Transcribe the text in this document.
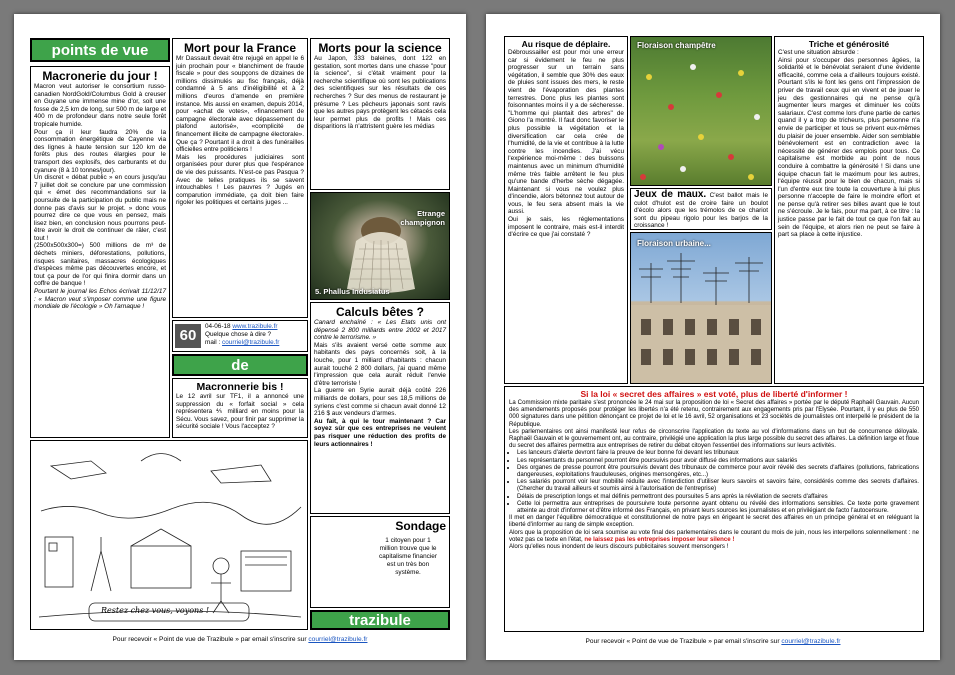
points de vue
Macronerie du jour !

Macron veut autoriser le consortium russo-canadien NordGold/Columbus Gold à creuser en Guyane une immense mine d'or, soit une fosse de 2,5 km de long, sur 500 m de large et 400 m de profondeur dans notre seule forêt tropicale humide.

Pour ça il leur faudra 20% de la consommation énergétique de Cayenne via des lignes à haute tension sur 120 km de forêts plus des routes élargies pour le transport des explosifs, des carburants et du cyanure (8 à 10 tonnes/jour).

Un discret « débat public » en cours jusqu'au 7 juillet doit se conclure par une commission qui « émet des recommandations sur la poursuite de la participation du public mais ne donne pas d'avis sur le projet. » donc vous pourrez dire ce que vous en pensez, mais lisez bien, en conclusion nous pourrons peut-être avoir le droit de continuer de râler, c'est tout !

(2500x500x300=) 500 millions de m³ de déchets miniers, déforestations, pollutions, risques sanitaires, massacres écologiques d'espèces même pas découvertes encore, et tout ça pour de l'or qui finira dormir dans un coffre de banque !

Pourtant le journal les Echos écrivait 11/12/17 : « Macron veut s'imposer comme une figure mondiale de l'écologie » Oh l'arnaque !

Mort pour la France

Mr Dassault devait être rejugé en appel le 6 juin prochain pour « blanchiment de fraude fiscale » pour des soupçons de dizaines de millions dissimulés au fisc français, déjà condamné à 5 ans d'inéligibilité et à 2 millions d'euros d'amende en première instance. Mis aussi en examen, depuis 2014, pour «achat de votes», «financement de campagne électorale avec dépassement du plafond autorisé», «complicité de financement illicite de campagne électorale». Que ça ? Pourtant il a droit à des funérailles officielles entre politiciens !

Mais les procédures judiciaires sont organisées pour durer plus que l'espérance de vie des puissants. N'est-ce pas Pasqua ? Avec de telles pratiques ils se savent intouchables ! Les pauvres ? Jugés en comparution immédiate, ça doit bien faire rigoler les politiques et certains juges ...

60
04-06-18 www.trazibule.fr
Quelque chose à dire ?
mail : courriel@trazibule.fr
de
Macronnerie bis !
Le 12 avril sur TF1, il a annoncé une suppression du « forfait social » cela représentera ⅘ milliard en moins pour la Sécu. Vous savez, pour finir par supprimer la sécurité sociale ! Vous l'acceptez ?
Morts pour la science
Au Japon, 333 baleines, dont 122 en gestation, sont mortes dans une chasse "pour la science", si c'était vraiment pour la recherche scientifique où sont les publications des scientifiques sur les résultats de ces recherches ? Sur des menus de restaurant je présume ? Les pêcheurs japonais sont ravis que les autres pays protègent les cétacés cela leur permet plus de profits ! Mais ces disparitions là n'attristent guère les médias
Etrange champignon
5. Phallus Indusiatus
Calculs bêtes ?

Canard enchaîné : « Les Etats unis ont dépensé 2 800 milliards entre 2002 et 2017 contre le terrorisme. »

Mais s'ils avaient versé cette somme aux habitants des pays concernés soit, à la louche, pour 1 milliard d'habitants : chacun aurait touché 2 800 dollars, j'ai quand même l'impression que cela aurait réduit l'envie d'être terroriste !

La guerre en Syrie aurait déjà coûté 226 milliards de dollars, pour ses 18,5 millions de syriens c'est comme si chacun avait donné 12 216 $ aux vendeurs d'armes.

Au fait, à qui le tour maintenant ? Car soyez sûr que ces entreprises ne veulent pas risquer une réduction des profits de leurs actionnaires !

Restez chez vous, voyons !
Sondage
1 citoyen pour 1 million trouve que le capitalisme financier est un très bon système.
trazibule
Pour recevoir « Point de vue de Trazibule » par email s'inscrire sur courriel@trazibule.fr
Au risque de déplaire.

Débroussailler est pour moi une erreur car si évidement le feu ne plus progresser sur un terrain sans végétation, il semble que 30% des eaux de pluies sont issues des mers, le reste vient de l'évaporation des plantes terrestres. Donc plus les plantes sont foisonnantes moins il y a de sécheresse. "L'homme qui plantait des arbres" de Giono l'a montré. Il faut donc favoriser le plus possible la végétation et la diversification car cela crée de l'humidité, de la vie et contribue à la lutte contre les incendies. J'ai vécu l'expérience moi-même : des buissons maintenus avec un minimum d'humidité même très faible arrêtent le feu plus qu'une bande d'herbe sèche dégagée. Maintenant si vous ne voulez plus d'incendie, alors bétonnez tout autour de vous, le feu sera absent mais la vie aussi.

Oui je sais, les réglementations imposent le contraire, mais est-il interdit d'écrire ce que j'ai constaté ?

Floraison champêtre
Jeux de maux. C'est ballot mais le culot d'hulot est de croire faire un boulot d'écolo alors que les trémolos de ce chariot sont du pipeau rigolo pour les barjos de la croissance !
Floraison urbaine...
Triche et générosité

C'est une situation absurde :

Ainsi pour s'occuper des personnes âgées, la solidarité et le bénévolat seraient d'une évidente efficacité, comme cela a d'ailleurs toujours existé. Pourtant s'ils le font les gens ont l'impression de priver de travail ceux qui en vivent et de jouer le jeu des gestionnaires qui ne pense qu'à augmenter leurs marges et diminuer les coûts salariaux. C'est comme lors d'une partie de cartes quand il y a trop de tricheurs, plus personne n'a envie de participer et tous se privent eux-mêmes du plaisir de jouer ensemble. Aider son semblable bénévolement est en contradiction avec la nécessité de générer des emplois pour tous. Ce capitalisme est morbide au point de nous conduire à combattre la générosité ! Si dans une équipe chacun fait le maximum pour les autres, l'équipe réussit pour le bien de chacun, mais si l'un d'entre eux tire toute la couverture à lui plus personne n'accepte de faire le moindre effort et ne pense qu'à retirer ses billes avant que le tout ne s'écroule. Je le fais, pour ma part, à ce titre : la justice passe par le fait de tout ce que l'on fait au sein de l'équipe, et alors rien ne peut se faire à part sa place à cette injustice.

Si la loi « secret des affaires » est voté, plus de liberté d'informer !

La Commission mixte paritaire s'est prononcée le 24 mai sur la proposition de loi « Secret des affaires » portée par le député Raphaël Gauvain. Aucun des amendements proposés pour protéger les libertés n'a été retenu, contrairement aux engagements pris par l'Elysée. Pourtant, il y eu plus de 550 000 signatures dans une pétition dénonçant ce projet de loi et le 16 avril, 52 organisations et 23 sociétés de journalistes ont interpellé le président de la République.

Les parlementaires ont ainsi manifesté leur refus de circonscrire l'application du texte au vol d'informations dans un but de concurrence déloyale. Raphaël Gauvain et le gouvernement ont, au contraire, privilégié une application la plus large possible du secret des affaires. La définition large et floue du secret des affaires permettra aux entreprises de retirer du débat citoyen l'essentiel des informations sur leurs activités.

• Les lanceurs d'alerte devront faire la preuve de leur bonne foi devant les tribunaux
• Les représentants du personnel pourront être poursuivis pour avoir diffusé des informations aux salariés
• Des organes de presse pourront être poursuivis devant des tribunaux de commerce pour avoir révélé des secrets d'affaires (pollutions, fabrications dangereuses, exploitations frauduleuses, origines mensongères, etc...)
• Les salariés pourront voir leur mobilité réduite avec l'interdiction d'utiliser leurs savoirs et savoirs faire, considérés comme des secrets d'affaires. (Chercher du travail ailleurs et soumis ainsi à l'autorisation de l'entreprise)
• Délais de prescription longs et mal définis permettront des poursuites 5 ans après la révélation de secrets d'affaires
• Cette loi permettra aux entreprises de poursuivre toute personne ayant obtenu ou révélé des informations sensibles. Ce texte porte gravement atteinte au droit d'informer et d'être informé des Français, en privant leurs sources les journalistes et en privilégiant de facto l'autocensure.

Il met en danger l'équilibre démocratique et constitutionnel de notre pays en érigeant le secret des affaires en un principe général et en reléguant la liberté d'informer au rang de simple exception.

Alors que la proposition de loi sera soumise au vote final des parlementaires dans le courant du mois de juin, nous les interpellons solennellement : ne votez pas ce texte en l'état, ne laissez pas les entreprises imposer leur silence !

Alors qu'elles nous inondent de leurs discours publicitaires souvent mensongers !

Pour recevoir « Point de vue de Trazibule » par email s'inscrire sur courriel@trazibule.fr
